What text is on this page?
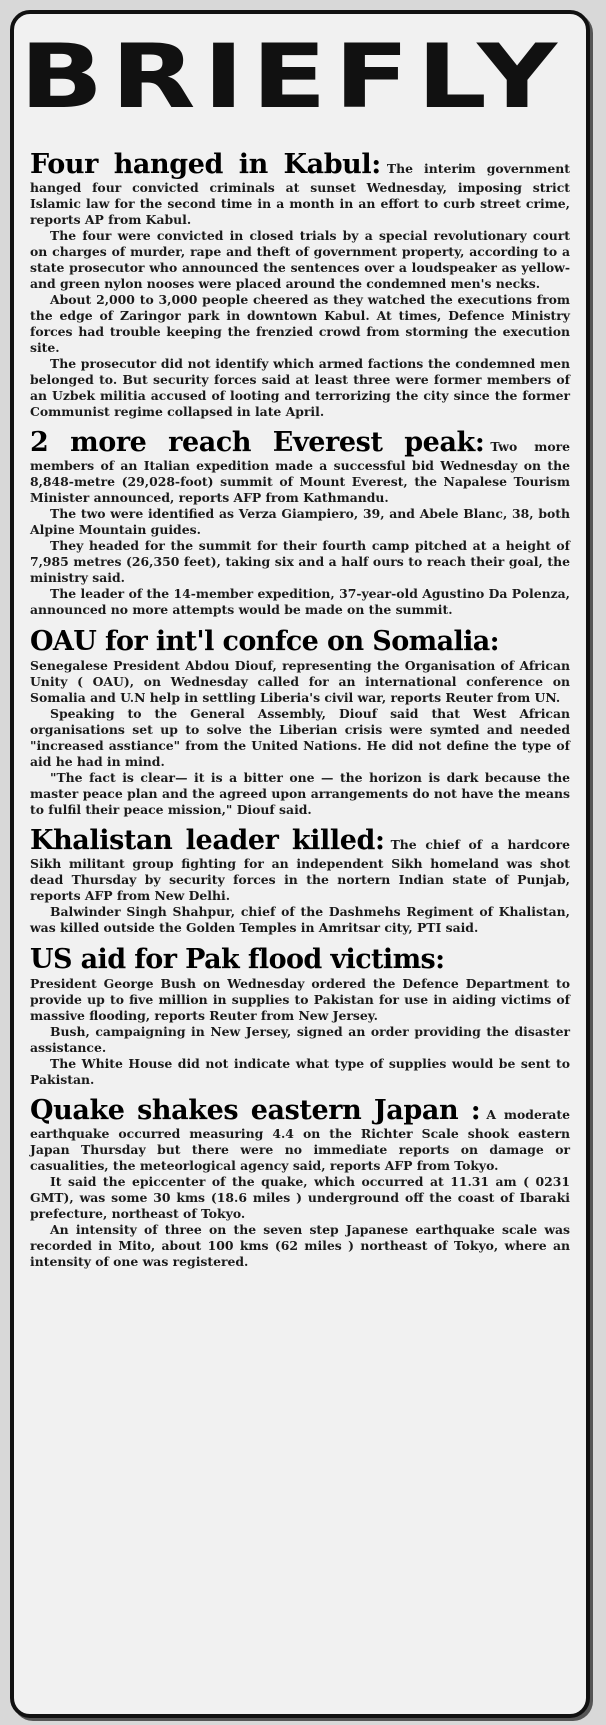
BRIEFLY

Four hanged in Kabul: The interim government hanged four convicted criminals at sunset Wednesday, imposing strict Islamic law for the second time in a month in an effort to curb street crime, reports AP from Kabul.

The four were convicted in closed trials by a special revolutionary court on charges of murder, rape and theft of government property, according to a state prosecutor who announced the sentences over a loudspeaker as yellow-and green nylon nooses were placed around the condemned men's necks.

About 2,000 to 3,000 people cheered as they watched the executions from the edge of Zaringor park in downtown Kabul. At times, Defence Ministry forces had trouble keeping the frenzied crowd from storming the execution site.

The prosecutor did not identify which armed factions the condemned men belonged to. But security forces said at least three were former members of an Uzbek militia accused of looting and terrorizing the city since the former Communist regime collapsed in late April.

2 more reach Everest peak: Two more members of an Italian expedition made a successful bid Wednesday on the 8,848-metre (29,028-foot) summit of Mount Everest, the Napalese Tourism Minister announced, reports AFP from Kathmandu.

The two were identified as Verza Giampiero, 39, and Abele Blanc, 38, both Alpine Mountain guides.

They headed for the summit for their fourth camp pitched at a height of 7,985 metres (26,350 feet), taking six and a half ours to reach their goal, the ministry said.

The leader of the 14-member expedition, 37-year-old Agustino Da Polenza, announced no more attempts would be made on the summit.

OAU for int'l confce on Somalia:

Senegalese President Abdou Diouf, representing the Organisation of African Unity ( OAU), on Wednesday called for an international conference on Somalia and U.N help in settling Liberia's civil war, reports Reuter from UN.

Speaking to the General Assembly, Diouf said that West African organisations set up to solve the Liberian crisis were symted and needed "increased asstiance" from the United Nations. He did not define the type of aid he had in mind.

"The fact is clear— it is a bitter one — the horizon is dark because the master peace plan and the agreed upon arrangements do not have the means to fulfil their peace mission," Diouf said.

Khalistan leader killed: The chief of a hardcore Sikh militant group fighting for an independent Sikh homeland was shot dead Thursday by security forces in the nortern Indian state of Punjab, reports AFP from New Delhi.

Balwinder Singh Shahpur, chief of the Dashmehs Regiment of Khalistan, was killed outside the Golden Temples in Amritsar city, PTI said.

US aid for Pak flood victims:

President George Bush on Wednesday ordered the Defence Department to provide up to five million in supplies to Pakistan for use in aiding victims of massive flooding, reports Reuter from New Jersey.

Bush, campaigning in New Jersey, signed an order providing the disaster assistance.

The White House did not indicate what type of supplies would be sent to Pakistan.

Quake shakes eastern Japan : A moderate earthquake occurred measuring 4.4 on the Richter Scale shook eastern Japan Thursday but there were no immediate reports on damage or casualities, the meteorlogical agency said, reports AFP from Tokyo.

It said the epiccenter of the quake, which occurred at 11.31 am ( 0231 GMT), was some 30 kms (18.6 miles ) underground off the coast of Ibaraki prefecture, northeast of Tokyo.

An intensity of three on the seven step Japanese earthquake scale was recorded in Mito, about 100 kms (62 miles ) northeast of Tokyo, where an intensity of one was registered.
